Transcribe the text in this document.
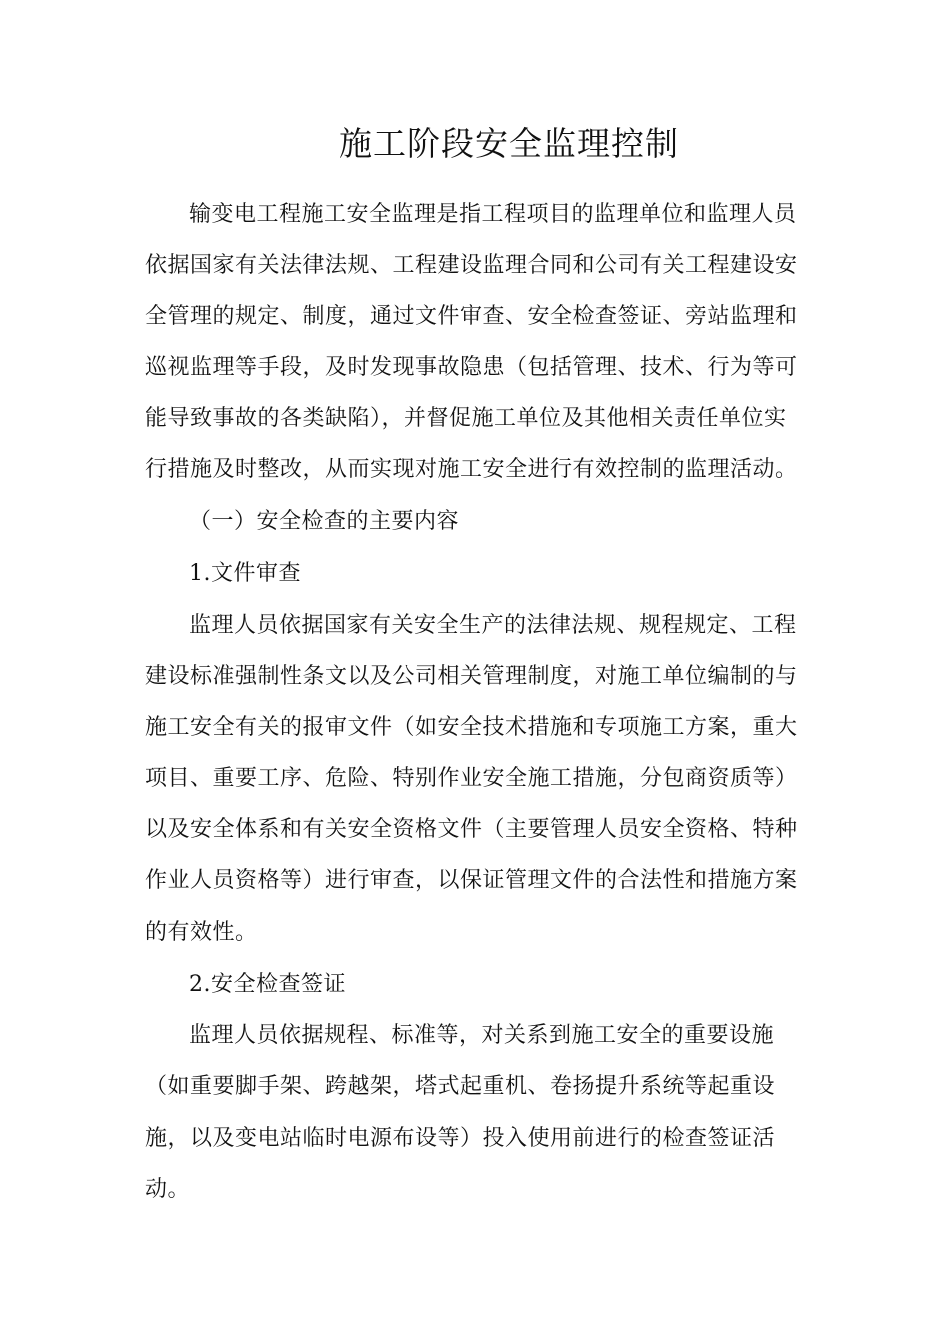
施工阶段安全监理控制
输变电工程施工安全监理是指工程项目的监理单位和监理人员
依据国家有关法律法规、工程建设监理合同和公司有关工程建设安
全管理的规定、制度，通过文件审查、安全检查签证、旁站监理和
巡视监理等手段，及时发现事故隐患（包括管理、技术、行为等可
能导致事故的各类缺陷），并督促施工单位及其他相关责任单位实
行措施及时整改，从而实现对施工安全进行有效控制的监理活动。
（一）安全检查的主要内容
1.文件审查
监理人员依据国家有关安全生产的法律法规、规程规定、工程
建设标准强制性条文以及公司相关管理制度，对施工单位编制的与
施工安全有关的报审文件（如安全技术措施和专项施工方案，重大
项目、重要工序、危险、特别作业安全施工措施，分包商资质等）
以及安全体系和有关安全资格文件（主要管理人员安全资格、特种
作业人员资格等）进行审查，以保证管理文件的合法性和措施方案
的有效性。
2.安全检查签证
监理人员依据规程、标准等，对关系到施工安全的重要设施
（如重要脚手架、跨越架，塔式起重机、卷扬提升系统等起重设
施，以及变电站临时电源布设等）投入使用前进行的检查签证活
动。
